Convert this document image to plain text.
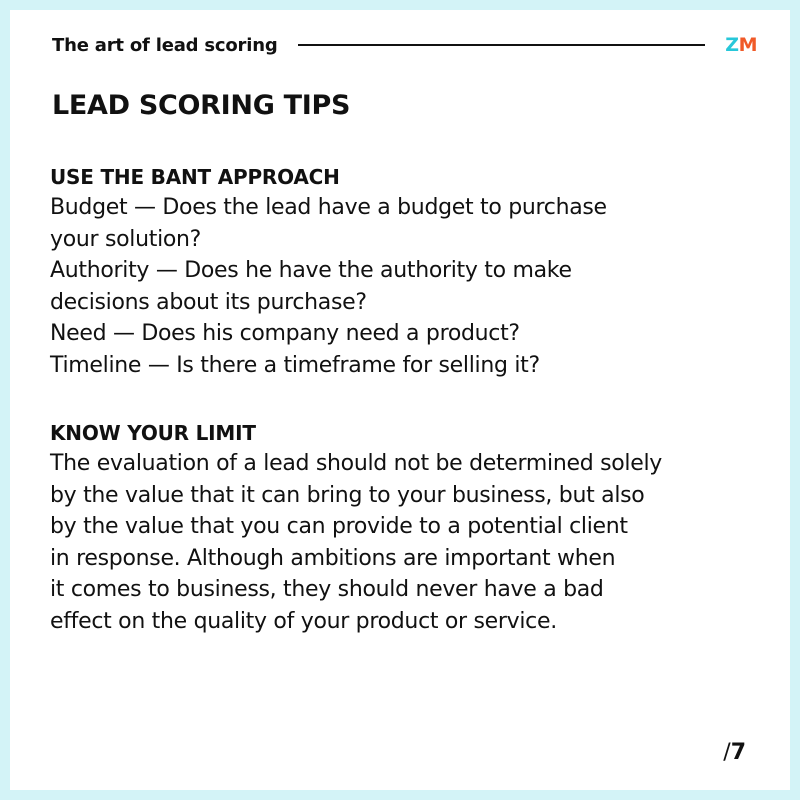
The art of lead scoring	ZM
LEAD SCORING TIPS
USE THE BANT APPROACH
Budget — Does the lead have a budget to purchase
your solution?
Authority — Does he have the authority to make
decisions about its purchase?
Need — Does his company need a product?
Timeline — Is there a timeframe for selling it?
KNOW YOUR LIMIT
The evaluation of a lead should not be determined solely
by the value that it can bring to your business, but also
by the value that you can provide to a potential client
in response. Although ambitions are important when
it comes to business, they should never have a bad
effect on the quality of your product or service.
/7
